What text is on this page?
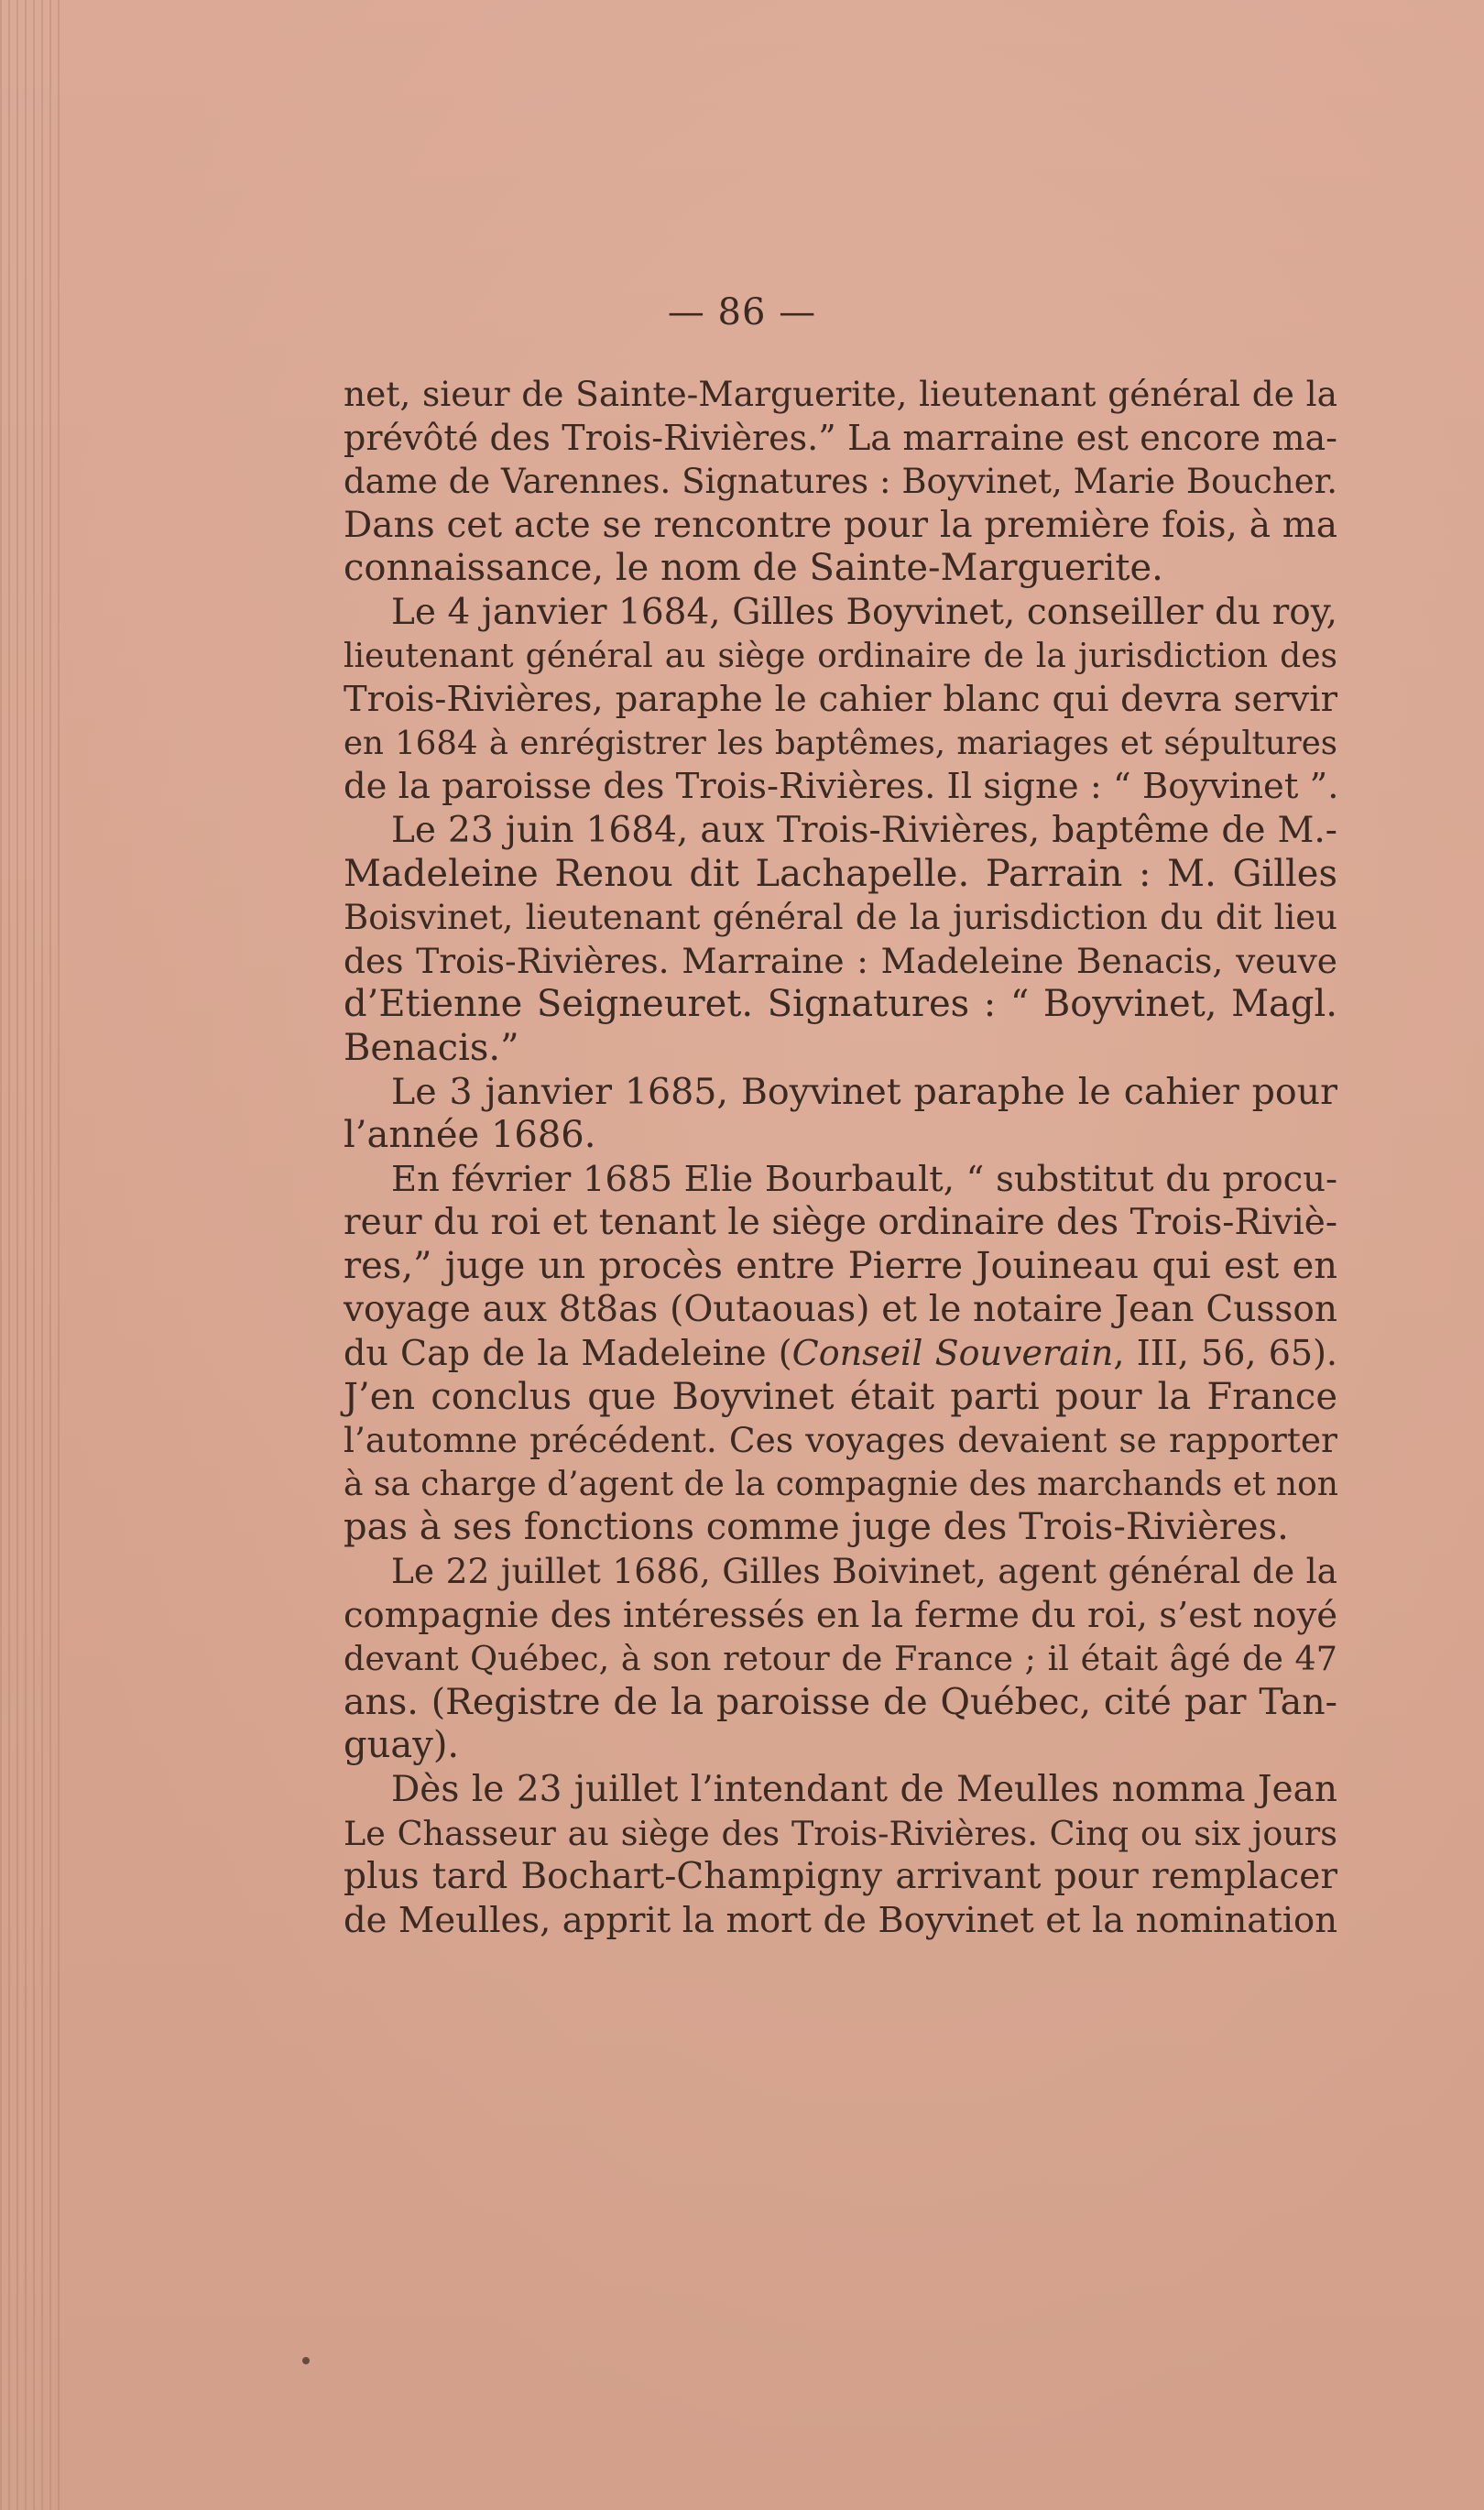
— 86 —
net, sieur de Sainte-Marguerite, lieutenant général de la
prévôté des Trois-Rivières.” La marraine est encore ma-
dame de Varennes. Signatures : Boyvinet, Marie Boucher.
Dans cet acte se rencontre pour la première fois, à ma
connaissance, le nom de Sainte-Marguerite.
Le 4 janvier 1684, Gilles Boyvinet, conseiller du roy,
lieutenant général au siège ordinaire de la jurisdiction des
Trois-Rivières, paraphe le cahier blanc qui devra servir
en 1684 à enrégistrer les baptêmes, mariages et sépultures
de la paroisse des Trois-Rivières. Il signe : “ Boyvinet ”.
Le 23 juin 1684, aux Trois-Rivières, baptême de M.-
Madeleine Renou dit Lachapelle. Parrain : M. Gilles
Boisvinet, lieutenant général de la jurisdiction du dit lieu
des Trois-Rivières. Marraine : Madeleine Benacis, veuve
d’Etienne Seigneuret. Signatures : “ Boyvinet, Magl.
Benacis.”
Le 3 janvier 1685, Boyvinet paraphe le cahier pour
l’année 1686.
En février 1685 Elie Bourbault, “ substitut du procu-
reur du roi et tenant le siège ordinaire des Trois-Riviè-
res,” juge un procès entre Pierre Jouineau qui est en
voyage aux 8t8as (Outaouas) et le notaire Jean Cusson
du Cap de la Madeleine (Conseil Souverain, III, 56, 65).
J’en conclus que Boyvinet était parti pour la France
l’automne précédent. Ces voyages devaient se rapporter
à sa charge d’agent de la compagnie des marchands et non
pas à ses fonctions comme juge des Trois-Rivières.
Le 22 juillet 1686, Gilles Boivinet, agent général de la
compagnie des intéressés en la ferme du roi, s’est noyé
devant Québec, à son retour de France ; il était âgé de 47
ans. (Registre de la paroisse de Québec, cité par Tan-
guay).
Dès le 23 juillet l’intendant de Meulles nomma Jean
Le Chasseur au siège des Trois-Rivières. Cinq ou six jours
plus tard Bochart-Champigny arrivant pour remplacer
de Meulles, apprit la mort de Boyvinet et la nomination
